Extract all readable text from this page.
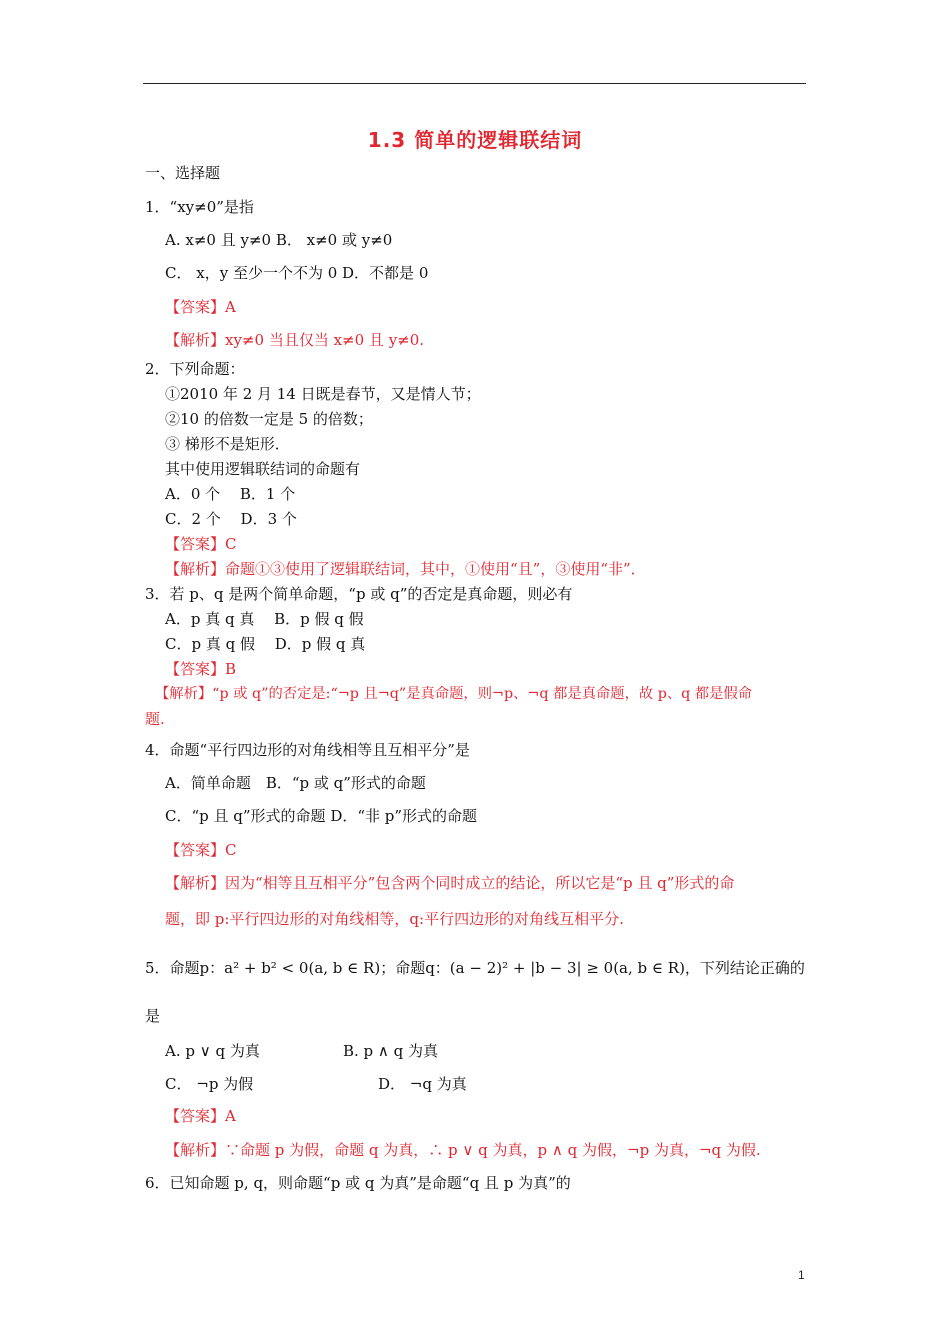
1.3 简单的逻辑联结词
一、选择题
1．“xy≠0”是指
A. x≠0 且 y≠0 B． x≠0 或 y≠0
C． x，y 至少一个不为 0 D．不都是 0
【答案】A
【解析】xy≠0 当且仅当 x≠0 且 y≠0.
2．下列命题：
①2010 年 2 月 14 日既是春节，又是情人节；
②10 的倍数一定是 5 的倍数；
③ 梯形不是矩形．
其中使用逻辑联结词的命题有
A．0 个　 B．1 个
C．2 个　 D．3 个
【答案】C
【解析】命题①③使用了逻辑联结词，其中，①使用“且”，③使用“非”．
3．若 p、q 是两个简单命题，“p 或 q”的否定是真命题，则必有
A．p 真 q 真　 B．p 假 q 假
C．p 真 q 假　 D．p 假 q 真
【答案】B
【解析】“p 或 q”的否定是:“¬p 且¬q”是真命题，则¬p、¬q 都是真命题，故 p、q 都是假命
题.
4．命题“平行四边形的对角线相等且互相平分”是
A．简单命题　B．“p 或 q”形式的命题
C．“p 且 q”形式的命题 D．“非 p”形式的命题
【答案】C
【解析】因为“相等且互相平分”包含两个同时成立的结论，所以它是“p 且 q”形式的命
题，即 p:平行四边形的对角线相等，q:平行四边形的对角线互相平分.
5．命题p：a² + b² < 0(a, b ∈ R)；命题q：(a − 2)² + |b − 3| ≥ 0(a, b ∈ R)，下列结论正确的
是
A. p ∨ q 为真	B. p ∧ q 为真
C． ¬p 为假	D． ¬q 为真
【答案】A
【解析】∵命题 p 为假，命题 q 为真，∴ p ∨ q 为真，p ∧ q 为假，¬p 为真，¬q 为假.
6．已知命题 p, q，则命题“p 或 q 为真”是命题“q 且 p 为真”的
1
